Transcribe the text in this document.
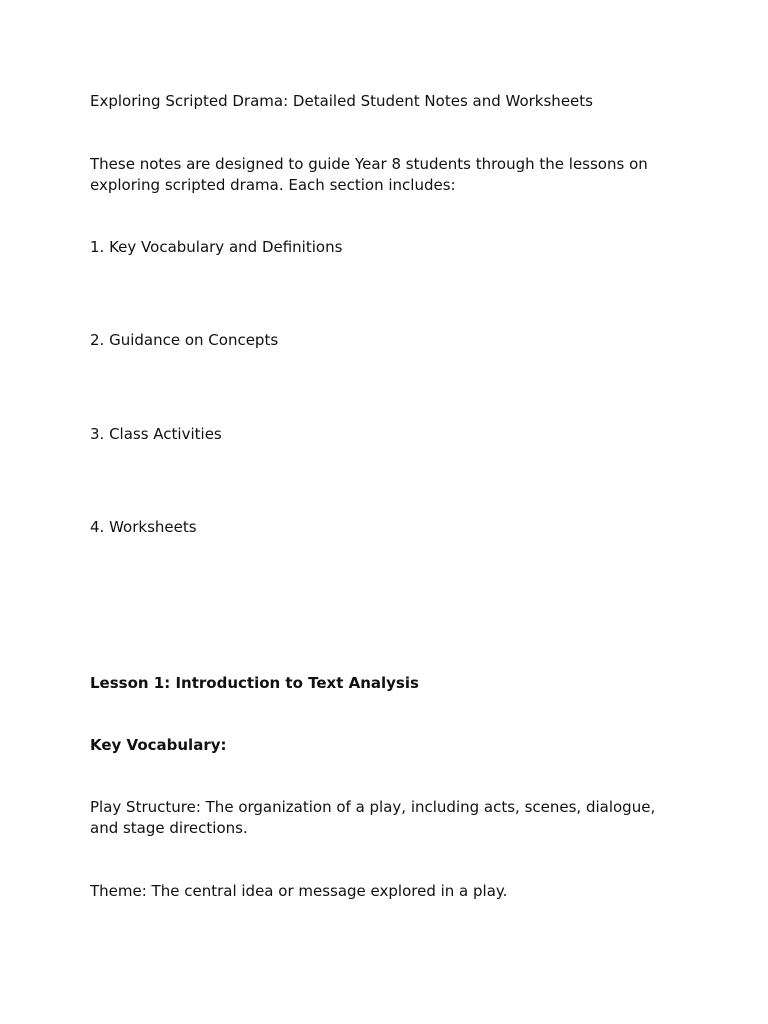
Exploring Scripted Drama: Detailed Student Notes and Worksheets

These notes are designed to guide Year 8 students through the lessons on exploring scripted drama. Each section includes:

1. Key Vocabulary and Definitions

2. Guidance on Concepts

3. Class Activities

4. Worksheets

Lesson 1: Introduction to Text Analysis

Key Vocabulary:

Play Structure: The organization of a play, including acts, scenes, dialogue, and stage directions.

Theme: The central idea or message explored in a play.
